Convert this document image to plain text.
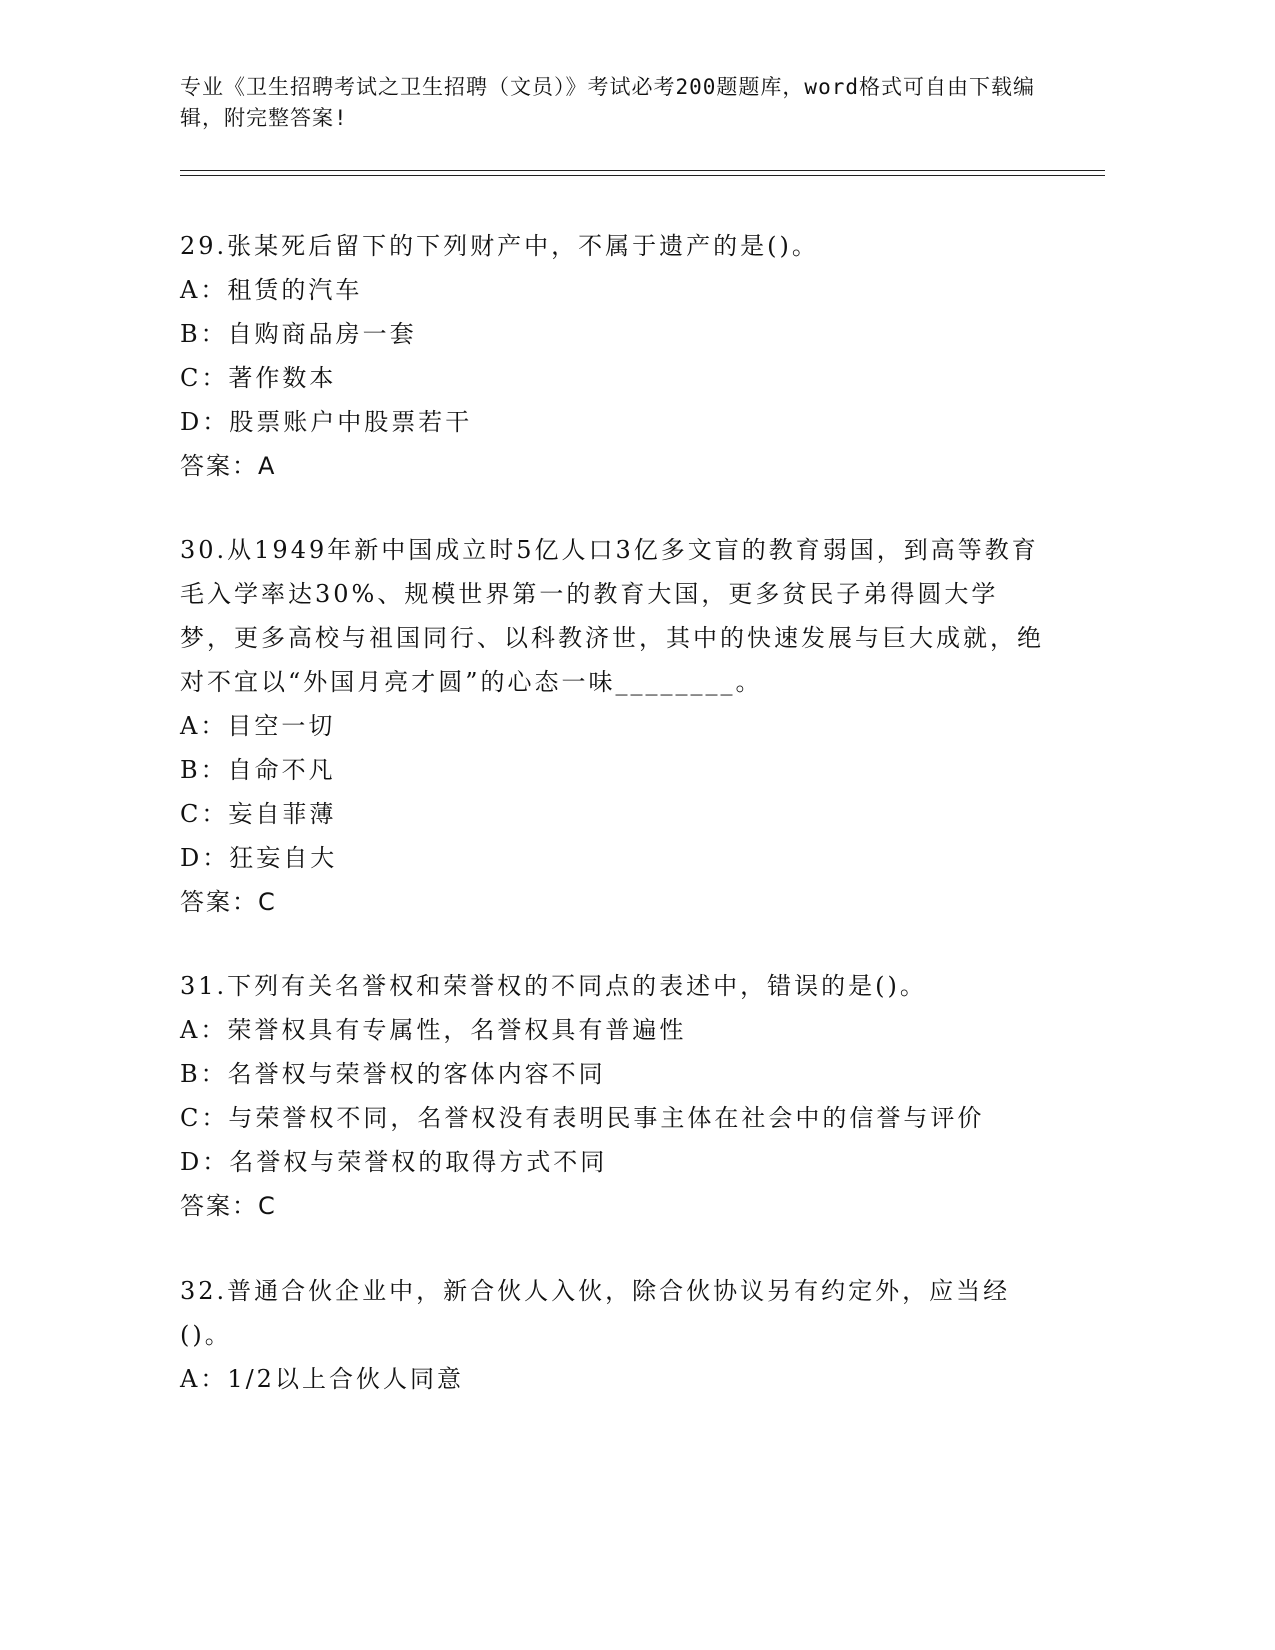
专业《卫生招聘考试之卫生招聘（文员）》考试必考200题题库，word格式可自由下载编辑，附完整答案!

29.张某死后留下的下列财产中，不属于遗产的是()。

A：租赁的汽车

B：自购商品房一套

C：著作数本

D：股票账户中股票若干

答案：A

30.从1949年新中国成立时5亿人口3亿多文盲的教育弱国，到高等教育毛入学率达30%、规模世界第一的教育大国，更多贫民子弟得圆大学梦，更多高校与祖国同行、以科教济世，其中的快速发展与巨大成就，绝对不宜以“外国月亮才圆”的心态一味________。

A：目空一切

B：自命不凡

C：妄自菲薄

D：狂妄自大

答案：C

31.下列有关名誉权和荣誉权的不同点的表述中，错误的是()。

A：荣誉权具有专属性，名誉权具有普遍性

B：名誉权与荣誉权的客体内容不同

C：与荣誉权不同，名誉权没有表明民事主体在社会中的信誉与评价

D：名誉权与荣誉权的取得方式不同

答案：C

32.普通合伙企业中，新合伙人入伙，除合伙协议另有约定外，应当经()。

A：1/2以上合伙人同意
